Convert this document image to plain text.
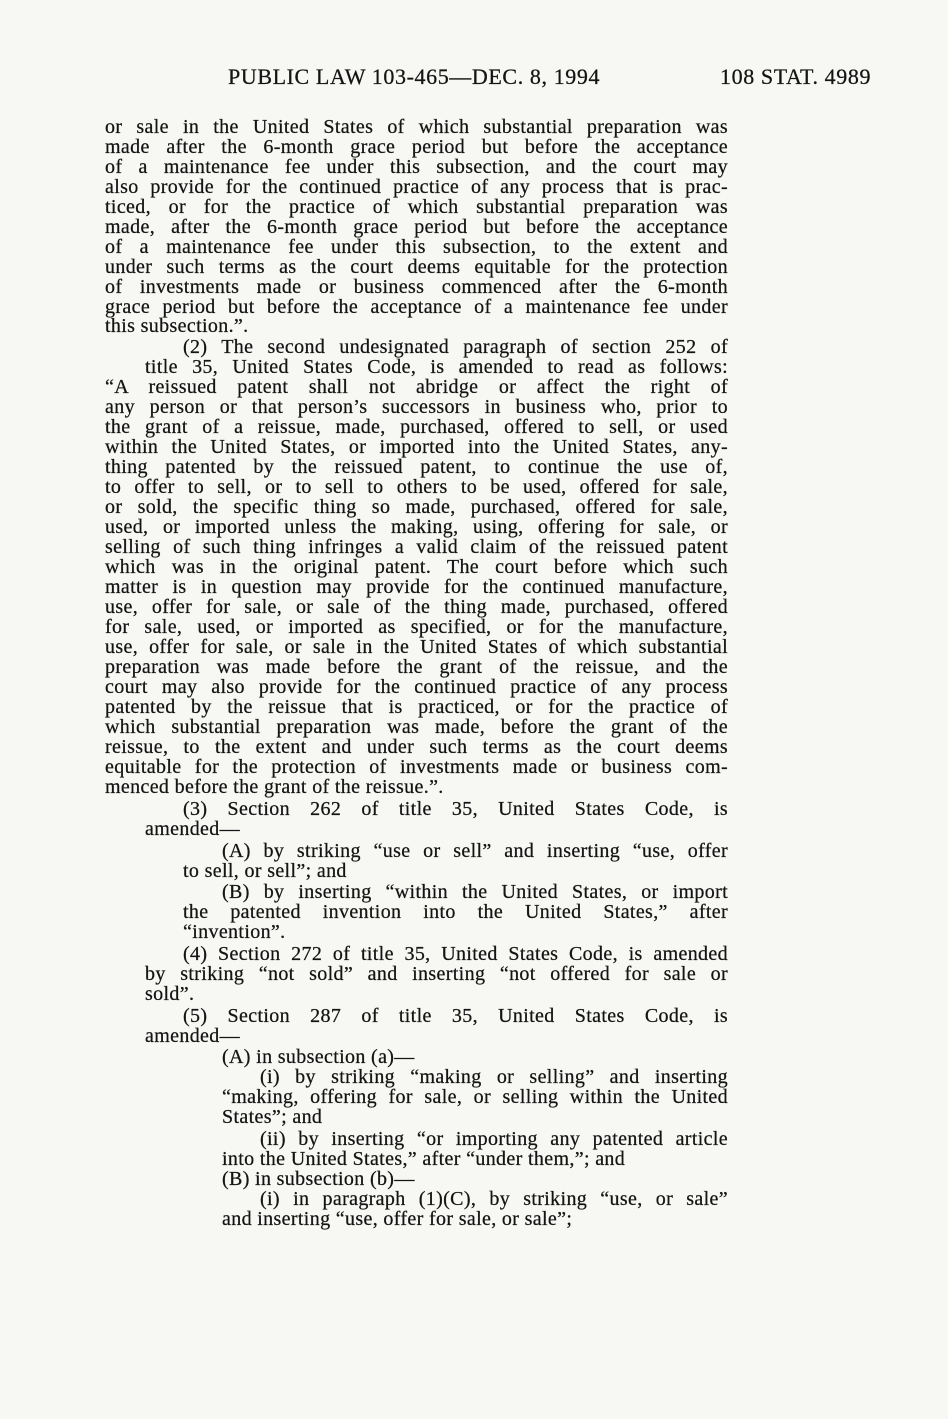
PUBLIC LAW 103-465—DEC. 8, 1994	108 STAT. 4989
or sale in the United States of which substantial preparation was
made after the 6-month grace period but before the acceptance
of a maintenance fee under this subsection, and the court may
also provide for the continued practice of any process that is prac-
ticed, or for the practice of which substantial preparation was
made, after the 6-month grace period but before the acceptance
of a maintenance fee under this subsection, to the extent and
under such terms as the court deems equitable for the protection
of investments made or business commenced after the 6-month
grace period but before the acceptance of a maintenance fee under
this subsection.”.
(2) The second undesignated paragraph of section 252 of
title 35, United States Code, is amended to read as follows:
“A reissued patent shall not abridge or affect the right of
any person or that person’s successors in business who, prior to
the grant of a reissue, made, purchased, offered to sell, or used
within the United States, or imported into the United States, any-
thing patented by the reissued patent, to continue the use of,
to offer to sell, or to sell to others to be used, offered for sale,
or sold, the specific thing so made, purchased, offered for sale,
used, or imported unless the making, using, offering for sale, or
selling of such thing infringes a valid claim of the reissued patent
which was in the original patent. The court before which such
matter is in question may provide for the continued manufacture,
use, offer for sale, or sale of the thing made, purchased, offered
for sale, used, or imported as specified, or for the manufacture,
use, offer for sale, or sale in the United States of which substantial
preparation was made before the grant of the reissue, and the
court may also provide for the continued practice of any process
patented by the reissue that is practiced, or for the practice of
which substantial preparation was made, before the grant of the
reissue, to the extent and under such terms as the court deems
equitable for the protection of investments made or business com-
menced before the grant of the reissue.”.
(3) Section 262 of title 35, United States Code, is
amended—
(A) by striking “use or sell” and inserting “use, offer
to sell, or sell”; and
(B) by inserting “within the United States, or import
the patented invention into the United States,” after
“invention”.
(4) Section 272 of title 35, United States Code, is amended
by striking “not sold” and inserting “not offered for sale or
sold”.
(5) Section 287 of title 35, United States Code, is
amended—
(A) in subsection (a)—
(i) by striking “making or selling” and inserting
“making, offering for sale, or selling within the United
States”; and
(ii) by inserting “or importing any patented article
into the United States,” after “under them,”; and
(B) in subsection (b)—
(i) in paragraph (1)(C), by striking “use, or sale”
and inserting “use, offer for sale, or sale”;
